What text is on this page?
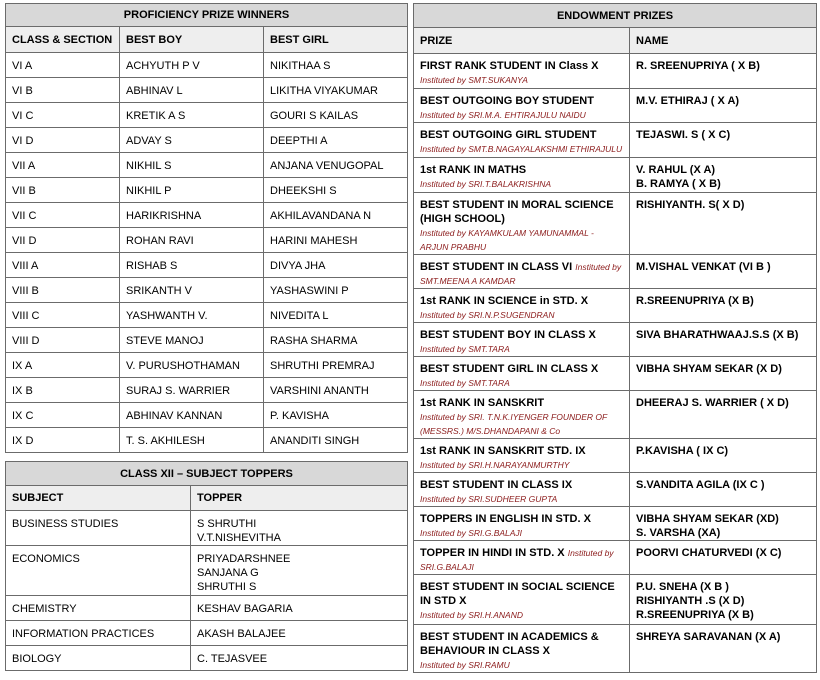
PROFICIENCY PRIZE WINNERS		
CLASS & SECTION	BEST BOY	BEST GIRL
VI A	ACHYUTH P V	NIKITHAA S
VI B	ABHINAV L	LIKITHA VIYAKUMAR
VI C	KRETIK A S	GOURI S KAILAS
VI D	ADVAY S	DEEPTHI A
VII A	NIKHIL S	ANJANA VENUGOPAL
VII B	NIKHIL P	DHEEKSHI S
VII C	HARIKRISHNA	AKHILAVANDANA N
VII D	ROHAN RAVI	HARINI MAHESH
VIII A	RISHAB S	DIVYA JHA
VIII B	SRIKANTH V	YASHASWINI P
VIII C	YASHWANTH V.	NIVEDITA L
VIII D	STEVE MANOJ	RASHA SHARMA
IX A	V. PURUSHOTHAMAN	SHRUTHI PREMRAJ
IX B	SURAJ S. WARRIER	VARSHINI ANANTH
IX C	ABHINAV KANNAN	P. KAVISHA
IX D	T. S. AKHILESH	ANANDITI SINGH
CLASS XII – SUBJECT TOPPERS	
SUBJECT	TOPPER
BUSINESS STUDIES	S SHRUTHI
V.T.NISHEVITHA

ECONOMICS	PRIYADARSHNEE
SANJANA G
SHRUTHI S

CHEMISTRY	KESHAV BAGARIA

INFORMATION PRACTICES	AKASH BALAJEE

BIOLOGY	C. TEJASVEE
ENDOWMENT PRIZES	
PRIZE	NAME
FIRST RANK STUDENT IN Class X
Instituted by SMT.SUKANYA	R. SREENUPRIYA ( X B)

BEST OUTGOING BOY STUDENT
Instituted by SRI.M.A. EHTIRAJULU NAIDU	M.V. ETHIRAJ ( X A)

BEST OUTGOING GIRL STUDENT
Instituted by SMT.B.NAGAYALAKSHMI ETHIRAJULU	TEJASWI. S ( X C)

1st RANK IN MATHS
Instituted by SRI.T.BALAKRISHNA	V. RAHUL (X A)
B. RAMYA ( X B)

BEST STUDENT IN MORAL SCIENCE (HIGH SCHOOL)
Instituted by KAYAMKULAM YAMUNAMMAL - ARJUN PRABHU	RISHIYANTH. S( X D)

BEST STUDENT IN CLASS VI Instituted by SMT.MEENA A KAMDAR	M.VISHAL VENKAT (VI B )

1st RANK IN SCIENCE in STD. X
Instituted by SRI.N.P.SUGENDRAN	R.SREENUPRIYA (X B)

BEST STUDENT BOY IN CLASS X
Instituted by SMT.TARA	SIVA BHARATHWAAJ.S.S (X B)

BEST STUDENT GIRL IN CLASS X
Instituted by SMT.TARA	VIBHA SHYAM SEKAR (X D)

1st RANK IN SANSKRIT
Instituted by SRI. T.N.K.IYENGER FOUNDER OF (MESSRS.) M/S.DHANDAPANI & Co	DHEERAJ S. WARRIER ( X D)

1st RANK IN SANSKRIT STD. IX
Instituted by SRI.H.NARAYANMURTHY	P.KAVISHA ( IX C)

BEST STUDENT IN CLASS IX
Instituted by SRI.SUDHEER GUPTA	S.VANDITA AGILA (IX C )

TOPPERS IN ENGLISH IN STD. X
Instituted by SRI.G.BALAJI	VIBHA SHYAM SEKAR (XD)
S. VARSHA (XA)

TOPPER IN HINDI IN STD. X Instituted by SRI.G.BALAJI	POORVI CHATURVEDI (X C)

BEST STUDENT IN SOCIAL SCIENCE IN STD X
Instituted by SRI.H.ANAND	P.U. SNEHA (X B )
RISHIYANTH .S (X D)
R.SREENUPRIYA (X B)

BEST STUDENT IN ACADEMICS & BEHAVIOUR IN CLASS X
Instituted by SRI.RAMU	SHREYA SARAVANAN (X A)
